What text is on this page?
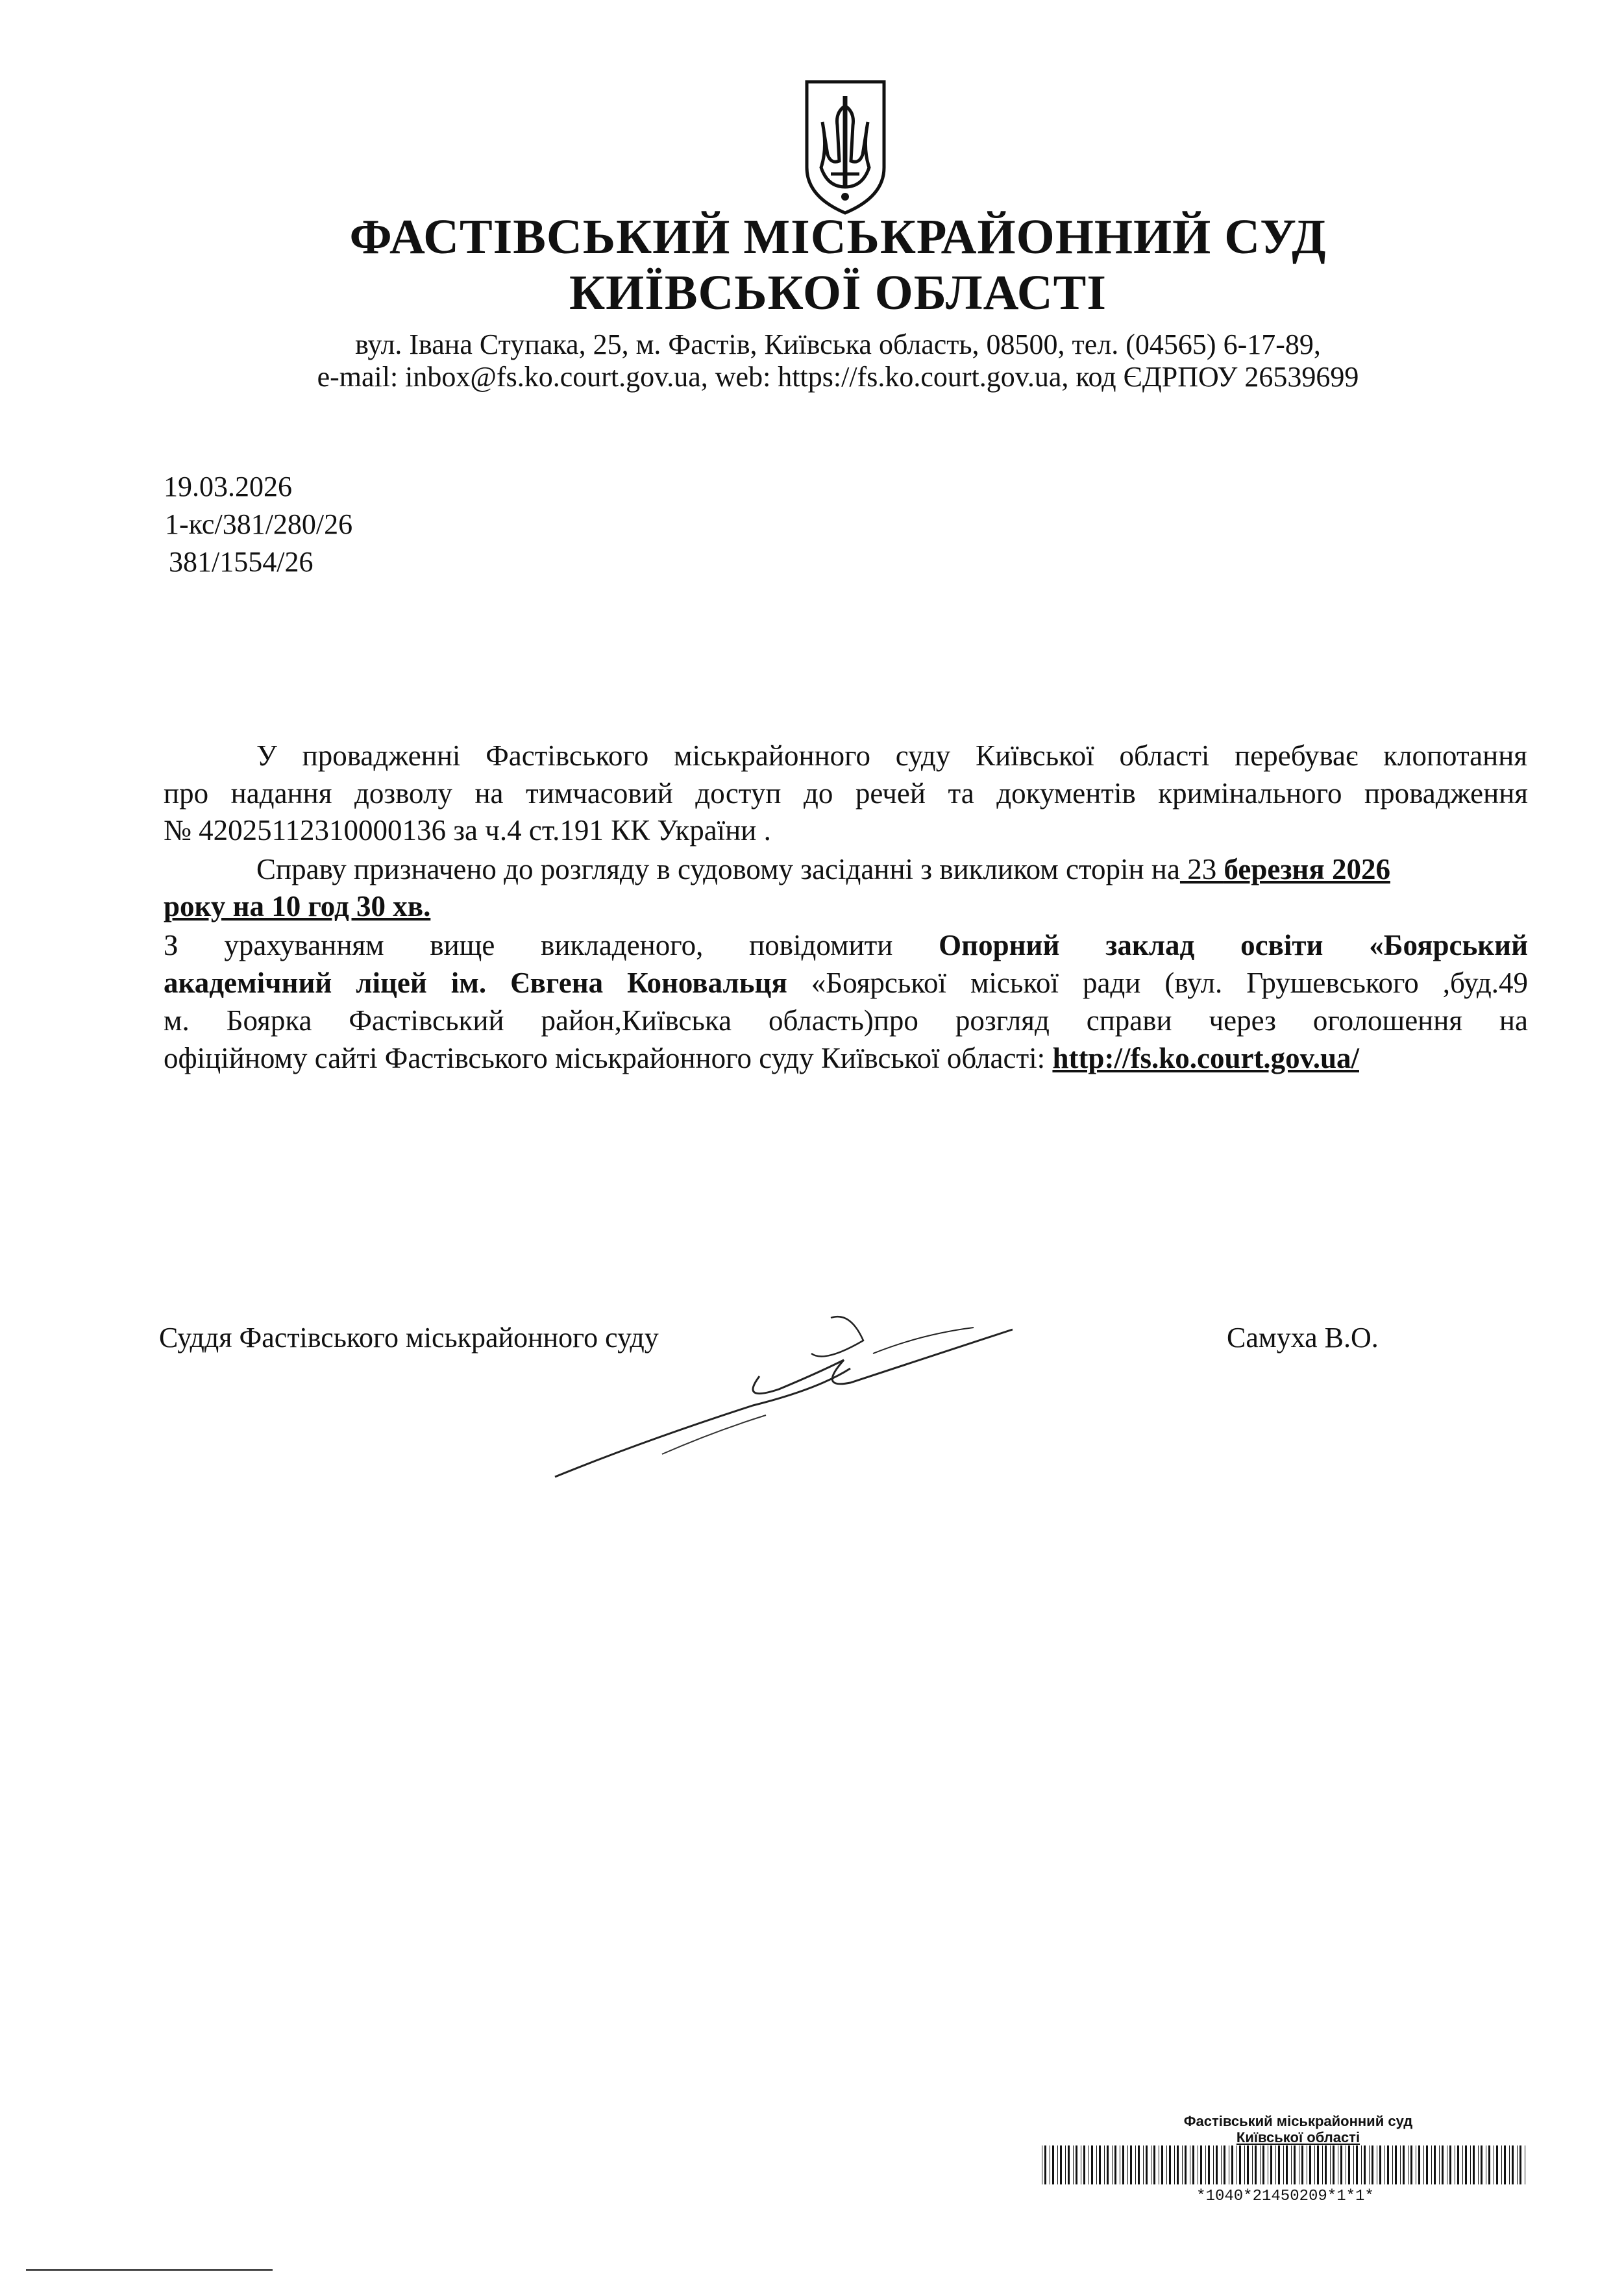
ФАСТІВСЬКИЙ МІСЬКРАЙОННИЙ СУД
КИЇВСЬКОЇ ОБЛАСТІ
вул. Івана Ступака, 25, м. Фастів, Київська область, 08500, тел. (04565) 6-17-89,
e-mail: inbox@fs.ko.court.gov.ua, web: https://fs.ko.court.gov.ua, код ЄДРПОУ 26539699
19.03.2026
1-кс/381/280/26
381/1554/26
У провадженні Фастівського міськрайонного суду Київської області перебуває клопотання
про надання дозволу на тимчасовий доступ до речей та документів кримінального провадження
№ 42025112310000136 за ч.4 ст.191 КК України .
Справу призначено до розгляду в судовому засіданні з викликом сторін на 23 березня 2026
року на 10 год 30 хв.
З урахуванням вище викладеного, повідомити Опорний заклад освіти «Боярський
академічний ліцей ім. Євгена Коновальця «Боярської міської ради (вул. Грушевського ,буд.49
м. Боярка Фастівський район,Київська область)про розгляд справи через оголошення на
офіційному сайті Фастівського міськрайонного суду Київської області: http://fs.ko.court.gov.ua/
Суддя Фастівського міськрайонного суду	Самуха В.О.
Фастівський міськрайонний суд
Київської області
*1040*21450209*1*1*
